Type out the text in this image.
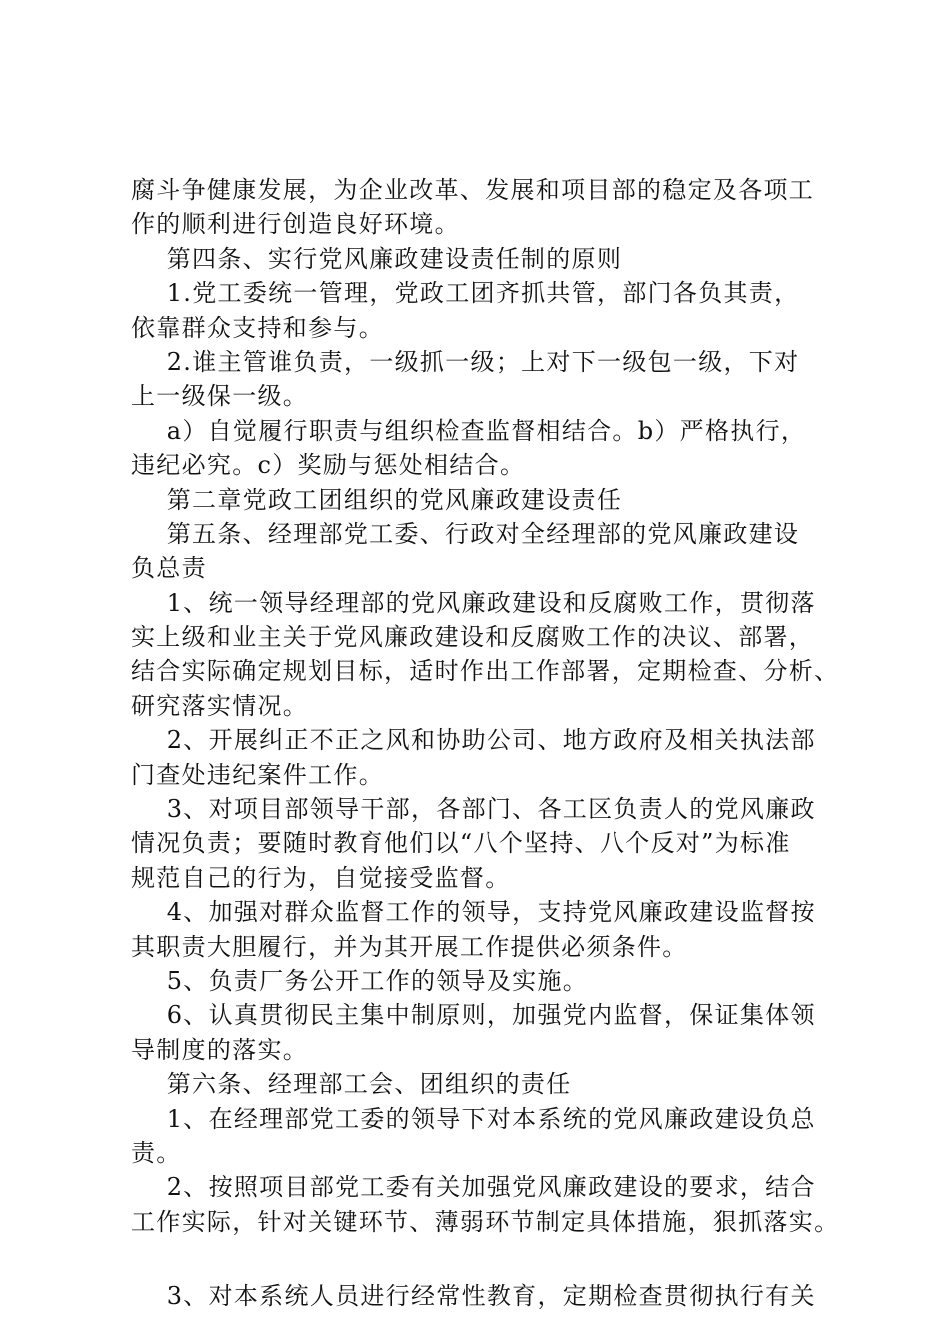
腐斗争健康发展，为企业改革、发展和项目部的稳定及各项工
作的顺利进行创造良好环境。
第四条、实行党风廉政建设责任制的原则
1.党工委统一管理，党政工团齐抓共管，部门各负其责，
依靠群众支持和参与。
2.谁主管谁负责，一级抓一级；上对下一级包一级，下对
上一级保一级。
a）自觉履行职责与组织检查监督相结合。b）严格执行，
违纪必究。c）奖励与惩处相结合。
第二章党政工团组织的党风廉政建设责任
第五条、经理部党工委、行政对全经理部的党风廉政建设
负总责
1、统一领导经理部的党风廉政建设和反腐败工作，贯彻落
实上级和业主关于党风廉政建设和反腐败工作的决议、部署，
结合实际确定规划目标，适时作出工作部署，定期检查、分析、
研究落实情况。
2、开展纠正不正之风和协助公司、地方政府及相关执法部
门查处违纪案件工作。
3、对项目部领导干部，各部门、各工区负责人的党风廉政
情况负责；要随时教育他们以“八个坚持、八个反对”为标准
规范自己的行为，自觉接受监督。
4、加强对群众监督工作的领导，支持党风廉政建设监督按
其职责大胆履行，并为其开展工作提供必须条件。
5、负责厂务公开工作的领导及实施。
6、认真贯彻民主集中制原则，加强党内监督，保证集体领
导制度的落实。
第六条、经理部工会、团组织的责任
1、在经理部党工委的领导下对本系统的党风廉政建设负总
责。
2、按照项目部党工委有关加强党风廉政建设的要求，结合
工作实际，针对关键环节、薄弱环节制定具体措施，狠抓落实。
3、对本系统人员进行经常性教育，定期检查贯彻执行有关
